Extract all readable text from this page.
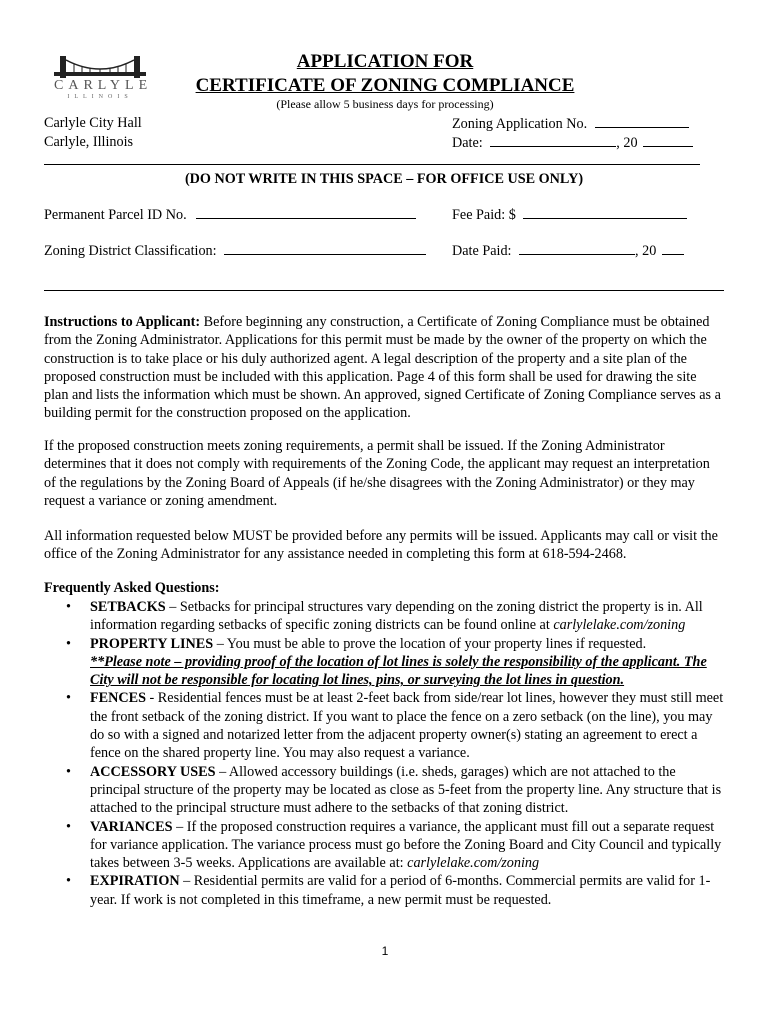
CARLYLE
ILLINOIS
APPLICATION FOR
CERTIFICATE OF ZONING COMPLIANCE
(Please allow 5 business days for processing)
Carlyle City Hall
Carlyle, Illinois
Zoning Application No.
Date:	, 20
(DO NOT WRITE IN THIS SPACE – FOR OFFICE USE ONLY)
Permanent Parcel ID No.	Fee Paid: $
Zoning District Classification:	Date Paid:	, 20
Instructions to Applicant: Before beginning any construction, a Certificate of Zoning Compliance must be obtained from the Zoning Administrator. Applications for this permit must be made by the owner of the property on which the construction is to take place or his duly authorized agent. A legal description of the property and a site plan of the proposed construction must be included with this application. Page 4 of this form shall be used for drawing the site plan and lists the information which must be shown. An approved, signed Certificate of Zoning Compliance serves as a building permit for the construction proposed on the application.
If the proposed construction meets zoning requirements, a permit shall be issued. If the Zoning Administrator determines that it does not comply with requirements of the Zoning Code, the applicant may request an interpretation of the regulations by the Zoning Board of Appeals (if he/she disagrees with the Zoning Administrator) or they may request a variance or zoning amendment.
All information requested below MUST be provided before any permits will be issued. Applicants may call or visit the office of the Zoning Administrator for any assistance needed in completing this form at 618-594-2468.
Frequently Asked Questions:
• SETBACKS – Setbacks for principal structures vary depending on the zoning district the property is in. All information regarding setbacks of specific zoning districts can be found online at carlylelake.com/zoning
• PROPERTY LINES – You must be able to prove the location of your property lines if requested.
**Please note – providing proof of the location of lot lines is solely the responsibility of the applicant. The City will not be responsible for locating lot lines, pins, or surveying the lot lines in question.
• FENCES - Residential fences must be at least 2-feet back from side/rear lot lines, however they must still meet the front setback of the zoning district. If you want to place the fence on a zero setback (on the line), you may do so with a signed and notarized letter from the adjacent property owner(s) stating an agreement to erect a fence on the shared property line. You may also request a variance.
• ACCESSORY USES – Allowed accessory buildings (i.e. sheds, garages) which are not attached to the principal structure of the property may be located as close as 5-feet from the property line. Any structure that is attached to the principal structure must adhere to the setbacks of that zoning district.
• VARIANCES – If the proposed construction requires a variance, the applicant must fill out a separate request for variance application. The variance process must go before the Zoning Board and City Council and typically takes between 3-5 weeks. Applications are available at: carlylelake.com/zoning
• EXPIRATION – Residential permits are valid for a period of 6-months. Commercial permits are valid for 1-year. If work is not completed in this timeframe, a new permit must be requested.
1
